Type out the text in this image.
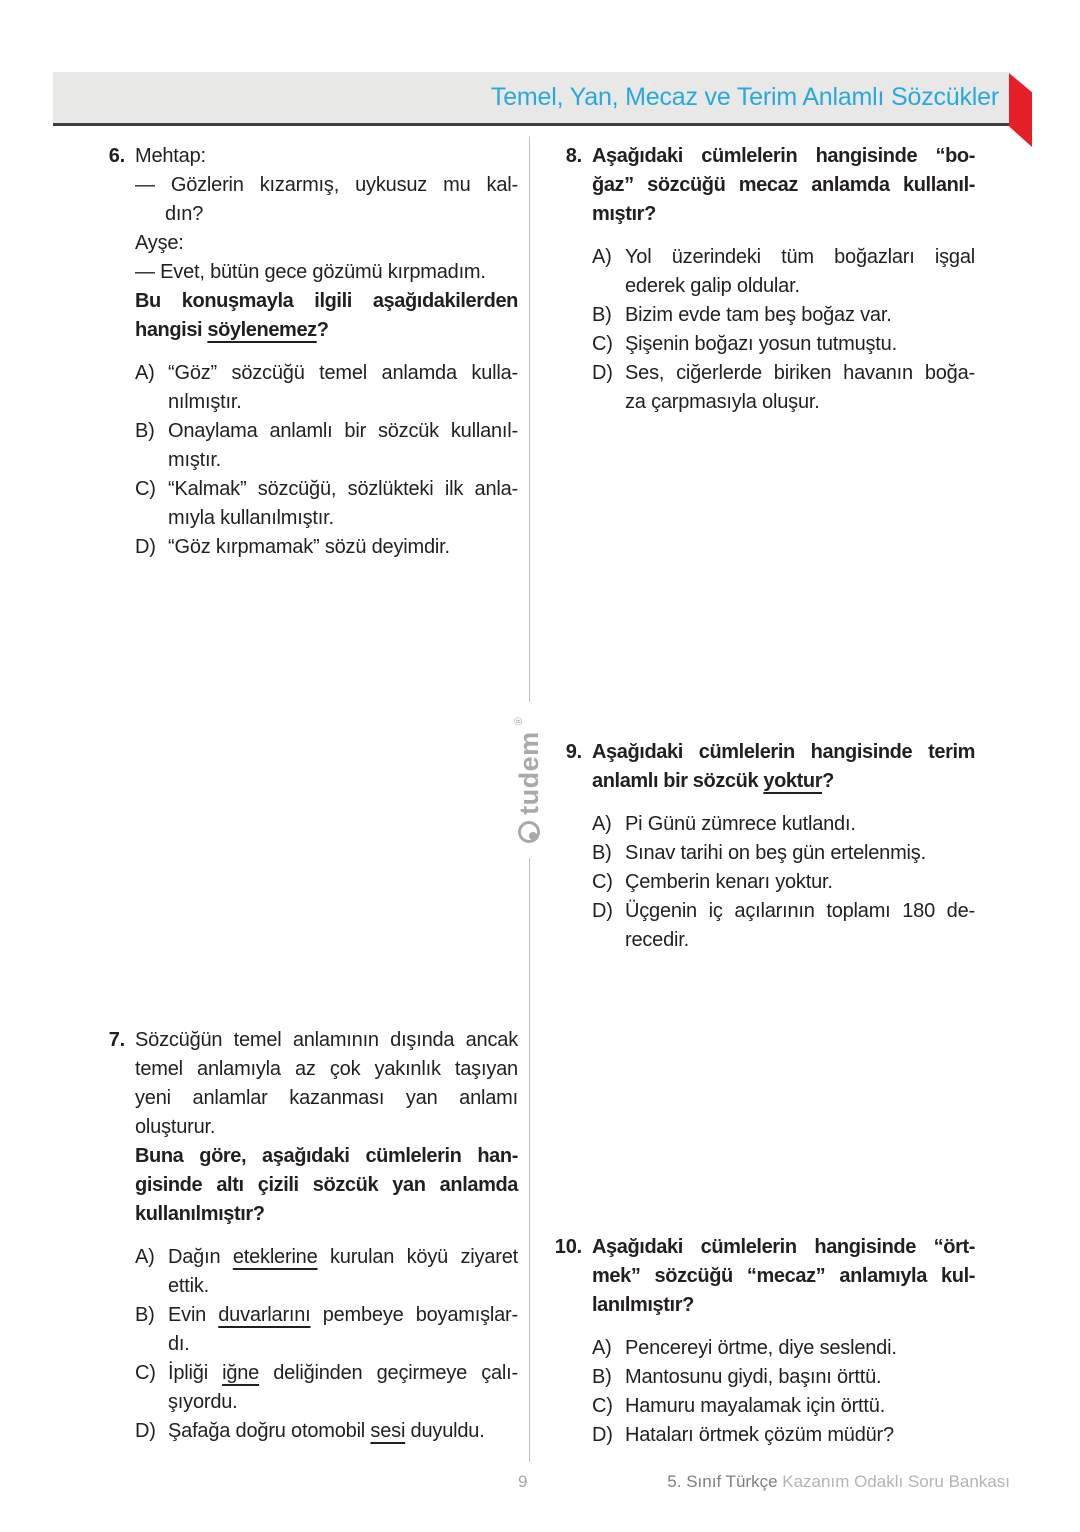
Temel, Yan, Mecaz ve Terim Anlamlı Sözcükler
tudem
®
6. Mehtap:
— Gözlerin kızarmış, uykusuz mu kal-
dın?
Ayşe:
— Evet, bütün gece gözümü kırpmadım.
Bu konuşmayla ilgili aşağıdakilerden
hangisi söylenemez?
A) “Göz” sözcüğü temel anlamda kulla-
nılmıştır.
B) Onaylama anlamlı bir sözcük kullanıl-
mıştır.
C) “Kalmak” sözcüğü, sözlükteki ilk anla-
mıyla kullanılmıştır.
D) “Göz kırpmamak” sözü deyimdir.
7. Sözcüğün temel anlamının dışında ancak
temel anlamıyla az çok yakınlık taşıyan
yeni anlamlar kazanması yan anlamı
oluşturur.
Buna göre, aşağıdaki cümlelerin han-
gisinde altı çizili sözcük yan anlamda
kullanılmıştır?
A) Dağın eteklerine kurulan köyü ziyaret
ettik.
B) Evin duvarlarını pembeye boyamışlar-
dı.
C) İpliği iğne deliğinden geçirmeye çalı-
şıyordu.
D) Şafağa doğru otomobil sesi duyuldu.
8. Aşağıdaki cümlelerin hangisinde “bo-
ğaz” sözcüğü mecaz anlamda kullanıl-
mıştır?
A) Yol üzerindeki tüm boğazları işgal
ederek galip oldular.
B) Bizim evde tam beş boğaz var.
C) Şişenin boğazı yosun tutmuştu.
D) Ses, ciğerlerde biriken havanın boğa-
za çarpmasıyla oluşur.
9. Aşağıdaki cümlelerin hangisinde terim
anlamlı bir sözcük yoktur?
A) Pi Günü zümrece kutlandı.
B) Sınav tarihi on beş gün ertelenmiş.
C) Çemberin kenarı yoktur.
D) Üçgenin iç açılarının toplamı 180 de-
recedir.
10. Aşağıdaki cümlelerin hangisinde “ört-
mek” sözcüğü “mecaz” anlamıyla kul-
lanılmıştır?
A) Pencereyi örtme, diye seslendi.
B) Mantosunu giydi, başını örttü.
C) Hamuru mayalamak için örttü.
D) Hataları örtmek çözüm müdür?
9	5. Sınıf Türkçe Kazanım Odaklı Soru Bankası
